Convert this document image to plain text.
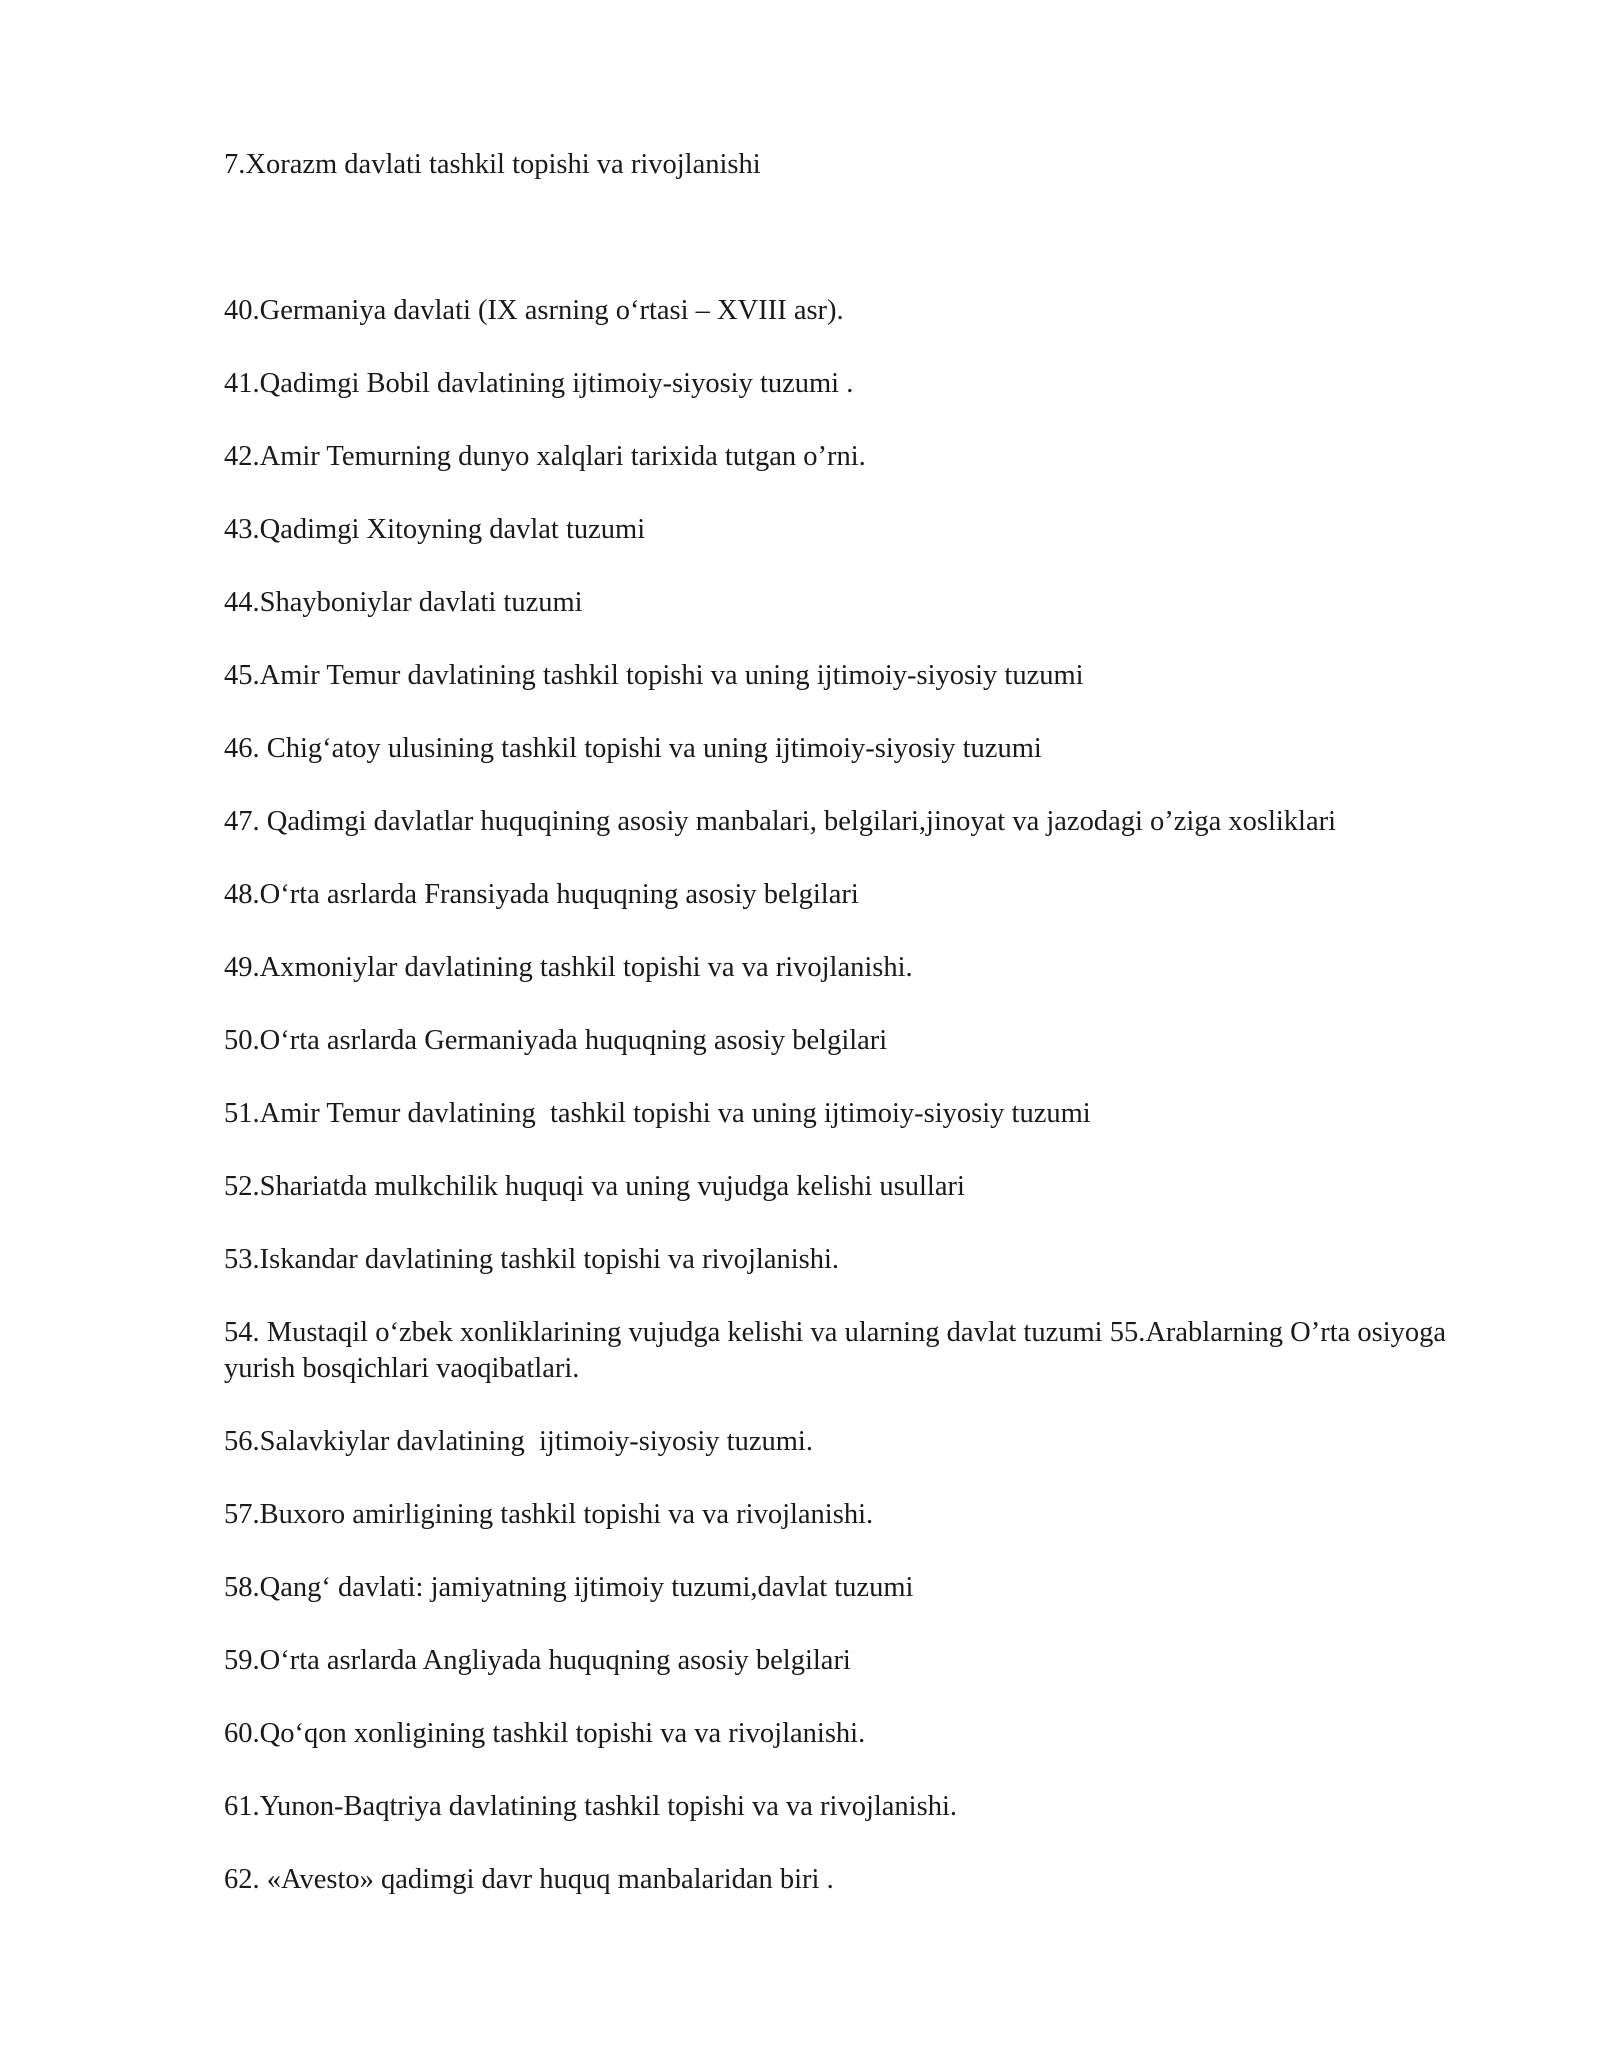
7.Xorazm davlati tashkil topishi va rivojlanishi

40.Germaniya davlati (IX asrning o‘rtasi – XVIII asr).

41.Qadimgi Bobil davlatining ijtimoiy-siyosiy tuzumi .

42.Amir Temurning dunyo xalqlari tarixida tutgan o’rni.

43.Qadimgi Xitoyning davlat tuzumi

44.Shayboniylar davlati tuzumi

45.Amir Temur davlatining tashkil topishi va uning ijtimoiy-siyosiy tuzumi

46. Chig‘atoy ulusining tashkil topishi va uning ijtimoiy-siyosiy tuzumi

47. Qadimgi davlatlar huquqining asosiy manbalari, belgilari,jinoyat va jazodagi o’ziga xosliklari

48.O‘rta asrlarda Fransiyada huquqning asosiy belgilari

49.Axmoniylar davlatining tashkil topishi va va rivojlanishi.

50.O‘rta asrlarda Germaniyada huquqning asosiy belgilari

51.Amir Temur davlatining  tashkil topishi va uning ijtimoiy-siyosiy tuzumi

52.Shariatda mulkchilik huquqi va uning vujudga kelishi usullari

53.Iskandar davlatining tashkil topishi va rivojlanishi.

54. Mustaqil o‘zbek xonliklarining vujudga kelishi va ularning davlat tuzumi 55.Arablarning O’rta osiyoga yurish bosqichlari vaoqibatlari.

56.Salavkiylar davlatining  ijtimoiy-siyosiy tuzumi.

57.Buxoro amirligining tashkil topishi va va rivojlanishi.

58.Qang‘ davlati: jamiyatning ijtimoiy tuzumi,davlat tuzumi

59.O‘rta asrlarda Angliyada huquqning asosiy belgilari

60.Qo‘qon xonligining tashkil topishi va va rivojlanishi.

61.Yunon-Baqtriya davlatining tashkil topishi va va rivojlanishi.

62. «Avesto» qadimgi davr huquq manbalaridan biri .
